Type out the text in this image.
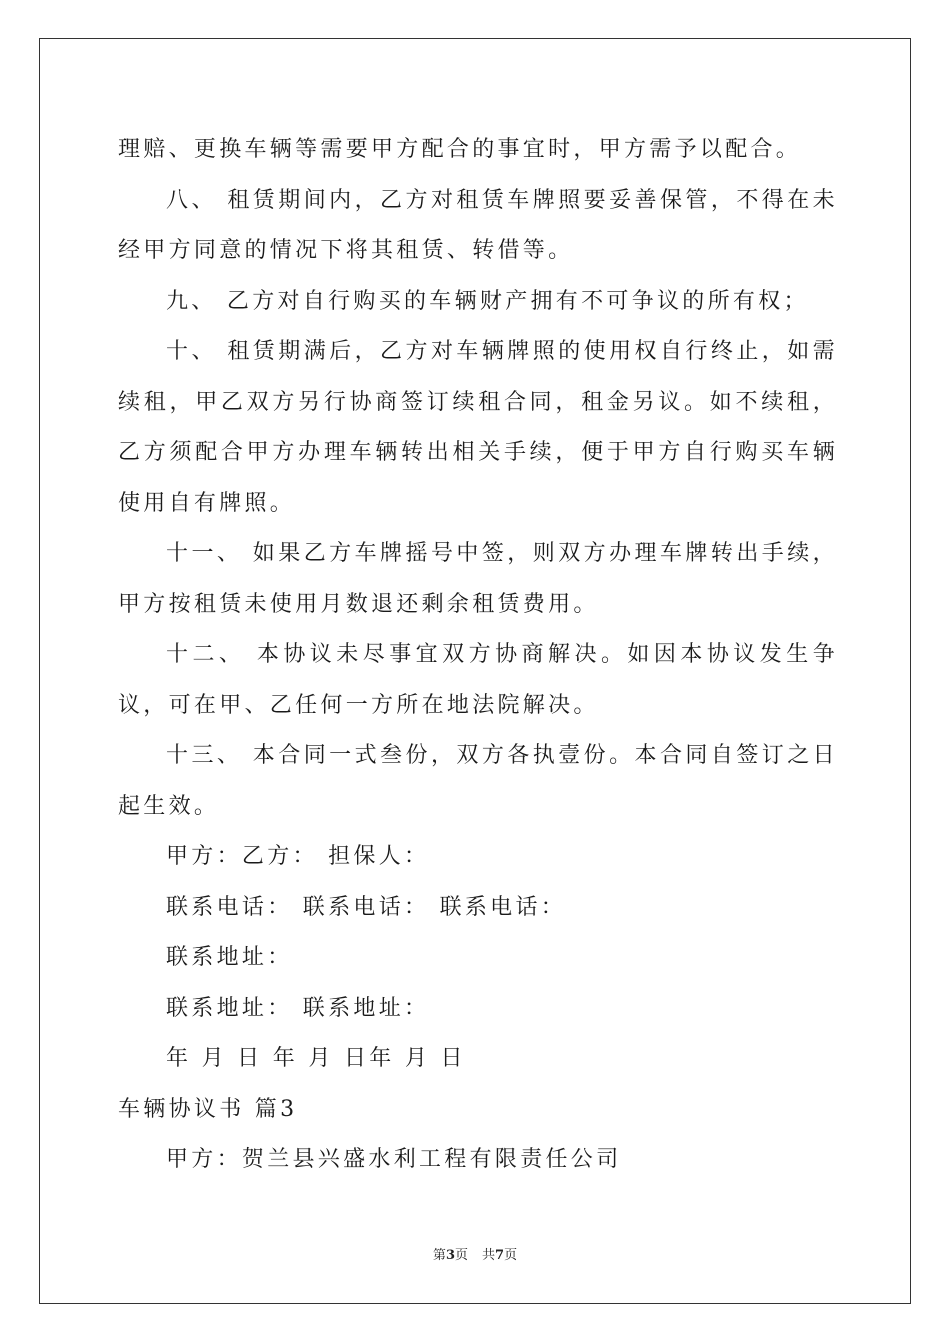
理赔、更换车辆等需要甲方配合的事宜时，甲方需予以配合。

八、 租赁期间内，乙方对租赁车牌照要妥善保管，不得在未经甲方同意的情况下将其租赁、转借等。

九、 乙方对自行购买的车辆财产拥有不可争议的所有权；

十、 租赁期满后，乙方对车辆牌照的使用权自行终止，如需续租，甲乙双方另行协商签订续租合同，租金另议。如不续租，乙方须配合甲方办理车辆转出相关手续，便于甲方自行购买车辆使用自有牌照。

十一、 如果乙方车牌摇号中签，则双方办理车牌转出手续，甲方按租赁未使用月数退还剩余租赁费用。

十二、 本协议未尽事宜双方协商解决。如因本协议发生争议，可在甲、乙任何一方所在地法院解决。

十三、 本合同一式叁份，双方各执壹份。本合同自签订之日起生效。

甲方：乙方： 担保人：

联系电话： 联系电话： 联系电话：

联系地址：

联系地址： 联系地址：

年 月 日 年 月 日年 月 日

车辆协议书 篇3

甲方：贺兰县兴盛水利工程有限责任公司

第3页 共7页
